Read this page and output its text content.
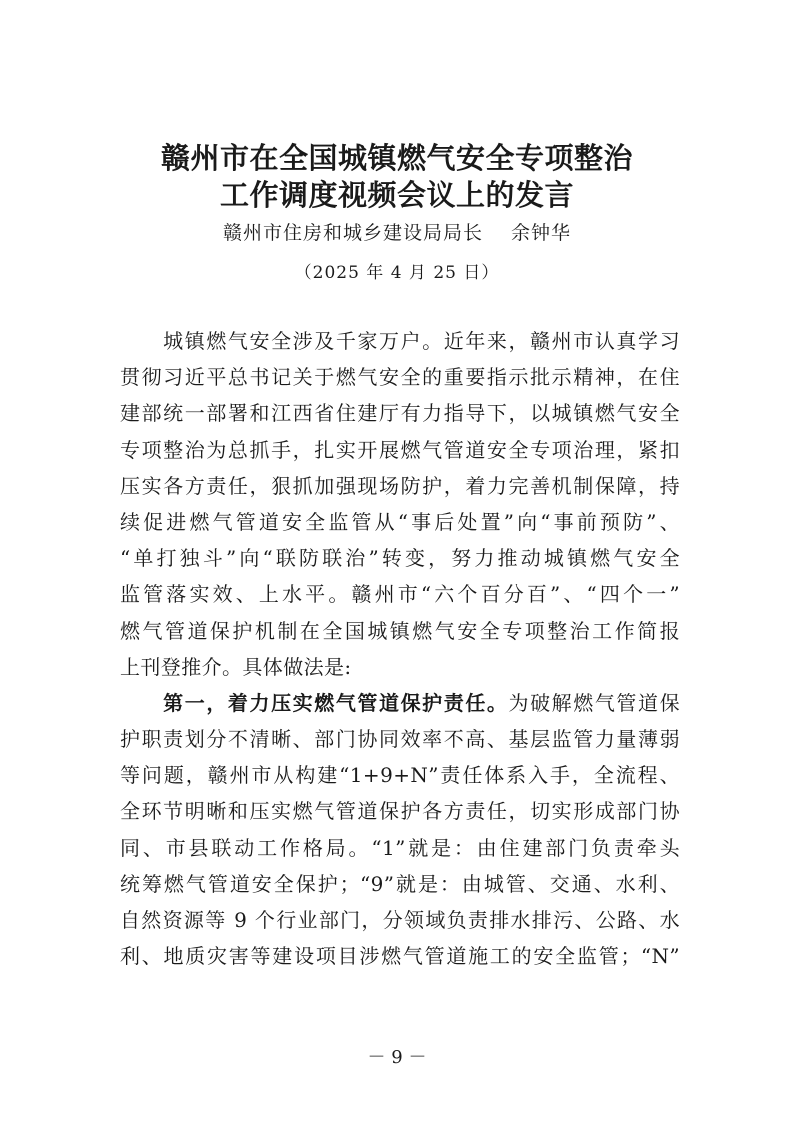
赣州市在全国城镇燃气安全专项整治
工作调度视频会议上的发言
赣州市住房和城乡建设局局长 余钟华
（2025 年 4 月 25 日）
　　城镇燃气安全涉及千家万户。近年来，赣州市认真学习
贯彻习近平总书记关于燃气安全的重要指示批示精神，在住
建部统一部署和江西省住建厅有力指导下，以城镇燃气安全
专项整治为总抓手，扎实开展燃气管道安全专项治理，紧扣
压实各方责任，狠抓加强现场防护，着力完善机制保障，持
续促进燃气管道安全监管从“事后处置”向“事前预防”、
“单打独斗”向“联防联治”转变，努力推动城镇燃气安全
监管落实效、上水平。赣州市“六个百分百”、“四个一”
燃气管道保护机制在全国城镇燃气安全专项整治工作简报
上刊登推介。具体做法是:
　　第一，着力压实燃气管道保护责任。为破解燃气管道保
护职责划分不清晰、部门协同效率不高、基层监管力量薄弱
等问题，赣州市从构建“1+9+N”责任体系入手，全流程、
全环节明晰和压实燃气管道保护各方责任，切实形成部门协
同、市县联动工作格局。“1”就是：由住建部门负责牵头
统筹燃气管道安全保护；“9”就是：由城管、交通、水利、
自然资源等 9 个行业部门，分领域负责排水排污、公路、水
利、地质灾害等建设项目涉燃气管道施工的安全监管；“N”
－ 9 －
